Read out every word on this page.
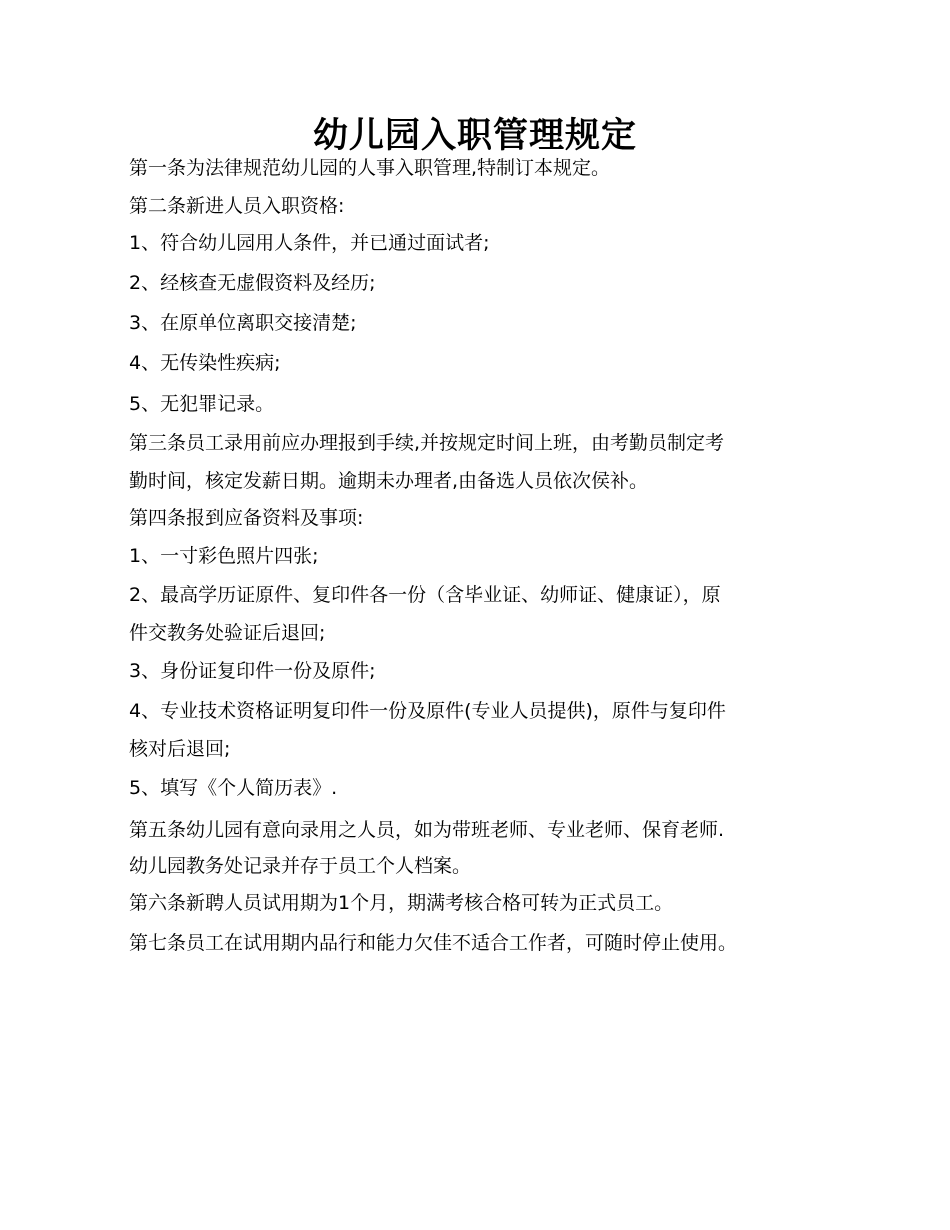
幼儿园入职管理规定
第一条为法律规范幼儿园的人事入职管理,特制订本规定。
第二条新进人员入职资格:
1、符合幼儿园用人条件，并已通过面试者;
2、经核查无虚假资料及经历;
3、在原单位离职交接清楚;
4、无传染性疾病;
5、无犯罪记录。
第三条员工录用前应办理报到手续,并按规定时间上班，由考勤员制定考
勤时间，核定发薪日期。逾期未办理者,由备选人员依次侯补。
第四条报到应备资料及事项:
1、一寸彩色照片四张;
2、最高学历证原件、复印件各一份（含毕业证、幼师证、健康证），原
件交教务处验证后退回;
3、身份证复印件一份及原件;
4、专业技术资格证明复印件一份及原件(专业人员提供)，原件与复印件
核对后退回;
5、填写《个人简历表》.
第五条幼儿园有意向录用之人员，如为带班老师、专业老师、保育老师.
幼儿园教务处记录并存于员工个人档案。
第六条新聘人员试用期为1个月，期满考核合格可转为正式员工。
第七条员工在试用期内品行和能力欠佳不适合工作者，可随时停止使用。
